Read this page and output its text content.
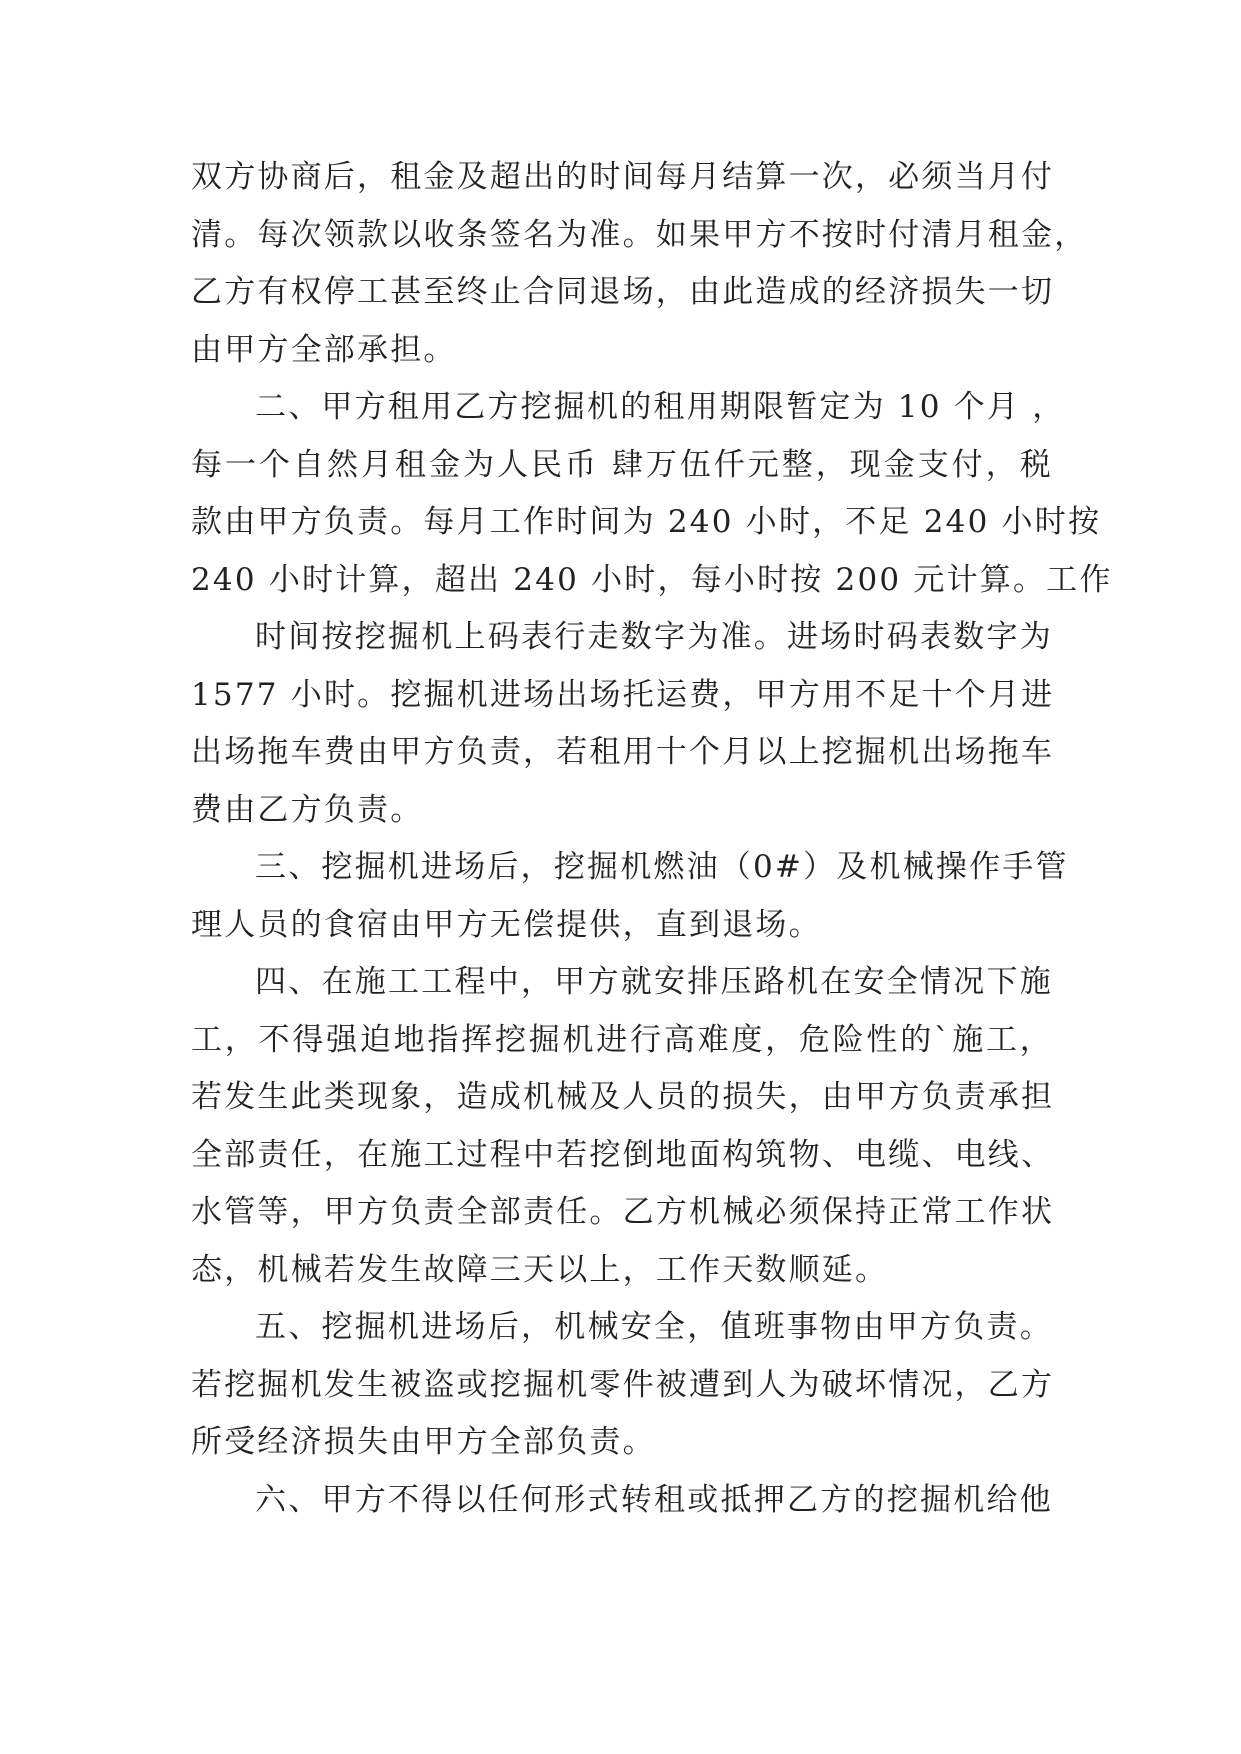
双方协商后，租金及超出的时间每月结算一次，必须当月付
清。每次领款以收条签名为准。如果甲方不按时付清月租金，
乙方有权停工甚至终止合同退场，由此造成的经济损失一切
由甲方全部承担。
二、甲方租用乙方挖掘机的租用期限暂定为 10 个月 ，
每一个自然月租金为人民币 肆万伍仟元整，现金支付，税
款由甲方负责。每月工作时间为 240 小时，不足 240 小时按
240 小时计算，超出 240 小时，每小时按 200 元计算。工作
时间按挖掘机上码表行走数字为准。进场时码表数字为
1577 小时。挖掘机进场出场托运费，甲方用不足十个月进
出场拖车费由甲方负责，若租用十个月以上挖掘机出场拖车
费由乙方负责。
三、挖掘机进场后，挖掘机燃油（0#）及机械操作手管
理人员的食宿由甲方无偿提供，直到退场。
四、在施工工程中，甲方就安排压路机在安全情况下施
工，不得强迫地指挥挖掘机进行高难度，危险性的`施工，
若发生此类现象，造成机械及人员的损失，由甲方负责承担
全部责任，在施工过程中若挖倒地面构筑物、电缆、电线、
水管等，甲方负责全部责任。乙方机械必须保持正常工作状
态，机械若发生故障三天以上，工作天数顺延。
五、挖掘机进场后，机械安全，值班事物由甲方负责。
若挖掘机发生被盗或挖掘机零件被遭到人为破坏情况，乙方
所受经济损失由甲方全部负责。
六、甲方不得以任何形式转租或抵押乙方的挖掘机给他
